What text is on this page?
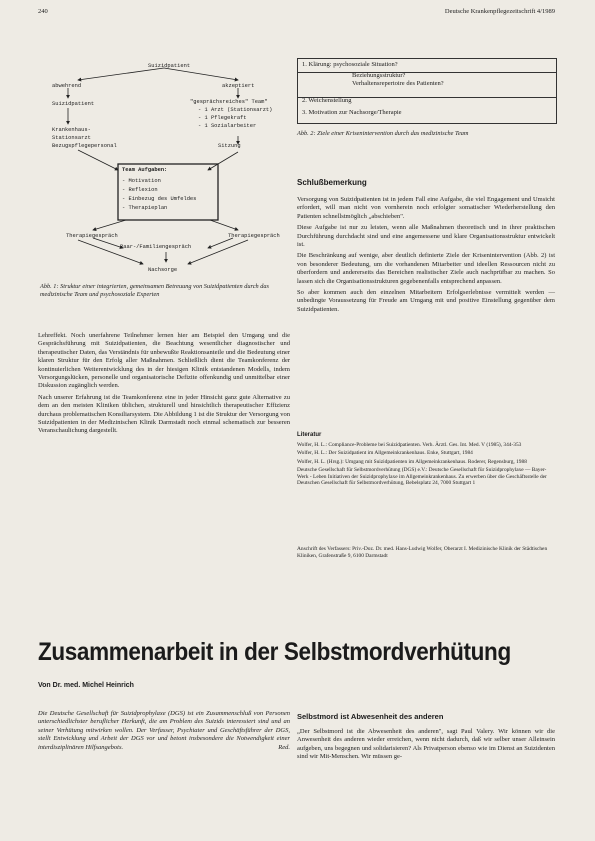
240	Deutsche Krankenpflegezeitschrift 4/1989
Suizidpatient
abwehrend	akzeptiert
Suizidpatient	"gesprächsreiches" Team"
- 1 Arzt (Stationsarzt)
- 1 Pflegekraft
- 1 Sozialarbeiter
Krankenhaus-
Stationsarzt
Bezugspflegepersonal	Sitzung
Team Aufgaben:
- Motivation
- Reflexion
- Einbezug des Umfeldes
- Therapieplan
Therapiegespräch	Therapiegespräch
Paar-/Familiengespräch
Nachsorge
Abb. 1: Struktur einer integrierten, gemeinsamen Betreuung von Suizidpatienten durch das medizinische Team und psychosoziale Experten
1. Klärung: psychosoziale Situation?
Beziehungsstruktur?
Verhaltensrepertoire des Patienten?
2. Weichenstellung
3. Motivation zur Nachsorge/Therapie
Abb. 2: Ziele einer Krisenintervention durch das medizinische Team
Schlußbemerkung

Versorgung von Suizidpatienten ist in jedem Fall eine Aufgabe, die viel Engagement und Umsicht erfordert, will man nicht von vornherein noch erfolgter somatischer Wiederherstellung den Patienten schnellstmöglich „abschieben".

Diese Aufgabe ist nur zu leisten, wenn alle Maßnahmen theoretisch und in ihrer praktischen Durchführung durchdacht sind und eine angemessene und klare Organisationsstruktur entwickelt ist.

Die Beschränkung auf wenige, aber deutlich definierte Ziele der Krisenintervention (Abb. 2) ist von besonderer Bedeutung, um die vorhandenen Mitarbeiter und ideellen Ressourcen nicht zu überfordern und andererseits das Bereichen realistischer Ziele auch nachprüfbar zu machen. So lassen sich die Organisationsstrukturen gegebenenfalls entsprechend anpassen.

So aber kommen auch den einzelnen Mitarbeitern Erfolgserlebnisse vermittelt werden — unbedingte Voraussetzung für Freude am Umgang mit und positive Einstellung gegenüber dem Suizidpatienten.

Literatur

Wolfer, H. L.: Compliance-Probleme bei Suizidpatienten. Verh. Ärztl. Ges. Int. Med. V (1985), 344-353

Wolfer, H. L.: Der Suizidpatient im Allgemeinkrankenhaus. Enke, Stuttgart, 1984

Wolfer, H. L. (Hrsg.): Umgang mit Suizidpatienten im Allgemeinkrankenhaus. Roderer, Regensburg, 1988

Deutsche Gesellschaft für Selbstmordverhütung (DGS) e.V.: Deutsche Gesellschaft für Suizidprophylaxe — Bayer-Werk - Leben Initiativen der Suizidprophylaxe im Allgemeinkrankenhaus. Zu erwerben über die Geschäftsstelle der Deutschen Gesellschaft für Selbstmordverhütung, Bebelsplatz 24, 7000 Stuttgart 1

Anschrift des Verfassers: Priv.-Doz. Dr. med. Hans-Ludwig Wolfer, Oberarzt I. Medizinische Klinik der Städtischen Kliniken, Grafenstraße 9, 6100 Darmstadt

Lehreffekt. Noch unerfahrene Teilnehmer lernen hier am Beispiel den Umgang und die Gesprächsführung mit Suizidpatienten, die Beachtung wesentlicher diagnostischer und therapeutischer Daten, das Verständnis für unbewußte Reaktionsanteile und die Bedeutung einer klaren Struktur für den Erfolg aller Maßnahmen. Schließlich dient die Teamkonferenz der kontinuierlichen Weiterentwicklung des in der hiesigen Klinik entstandenen Modells, indem Versorgungslücken, personelle und organisatorische Defizite offenkundig und unmittelbar einer Diskussion zugänglich werden.

Nach unserer Erfahrung ist die Teamkonferenz eine in jeder Hinsicht ganz gute Alternative zu dem an den meisten Kliniken üblichen, strukturell und hinsichtlich therapeutischer Effizienz durchaus problematischen Konsiliarsystem. Die Abbildung 1 ist die Struktur der Versorgung von Suizidpatienten in der Medizinischen Klinik Darmstadt noch einmal schematisch zur besseren Veranschaulichung dargestellt.

Zusammenarbeit in der Selbstmordverhütung
Von Dr. med. Michel Heinrich
Die Deutsche Gesellschaft für Suizidprophylaxe (DGS) ist ein Zusammenschluß von Personen unterschiedlichster beruflicher Herkunft, die am Problem des Suizids interessiert sind und an seiner Verhütung mitwirken wollen. Der Verfasser, Psychiater und Geschäftsführer der DGS, stellt Entwicklung und Arbeit der DGS vor und betont insbesondere die Notwendigkeit einer interdisziplinären Hilfsangebots.	Red.
Selbstmord ist Abwesenheit des anderen
„Der Selbstmord ist die Abwesenheit des anderen", sagt Paul Valery. Wir können wir die Anwesenheit des anderen wieder erreichen, wenn nicht dadurch, daß wir selber unser Alleinsein aufgeben, uns begegnen und solidarisieren? Als Privatperson ebenso wie im Dienst an Suizidenten sind wir Mit-Menschen. Wir müssen ge-
